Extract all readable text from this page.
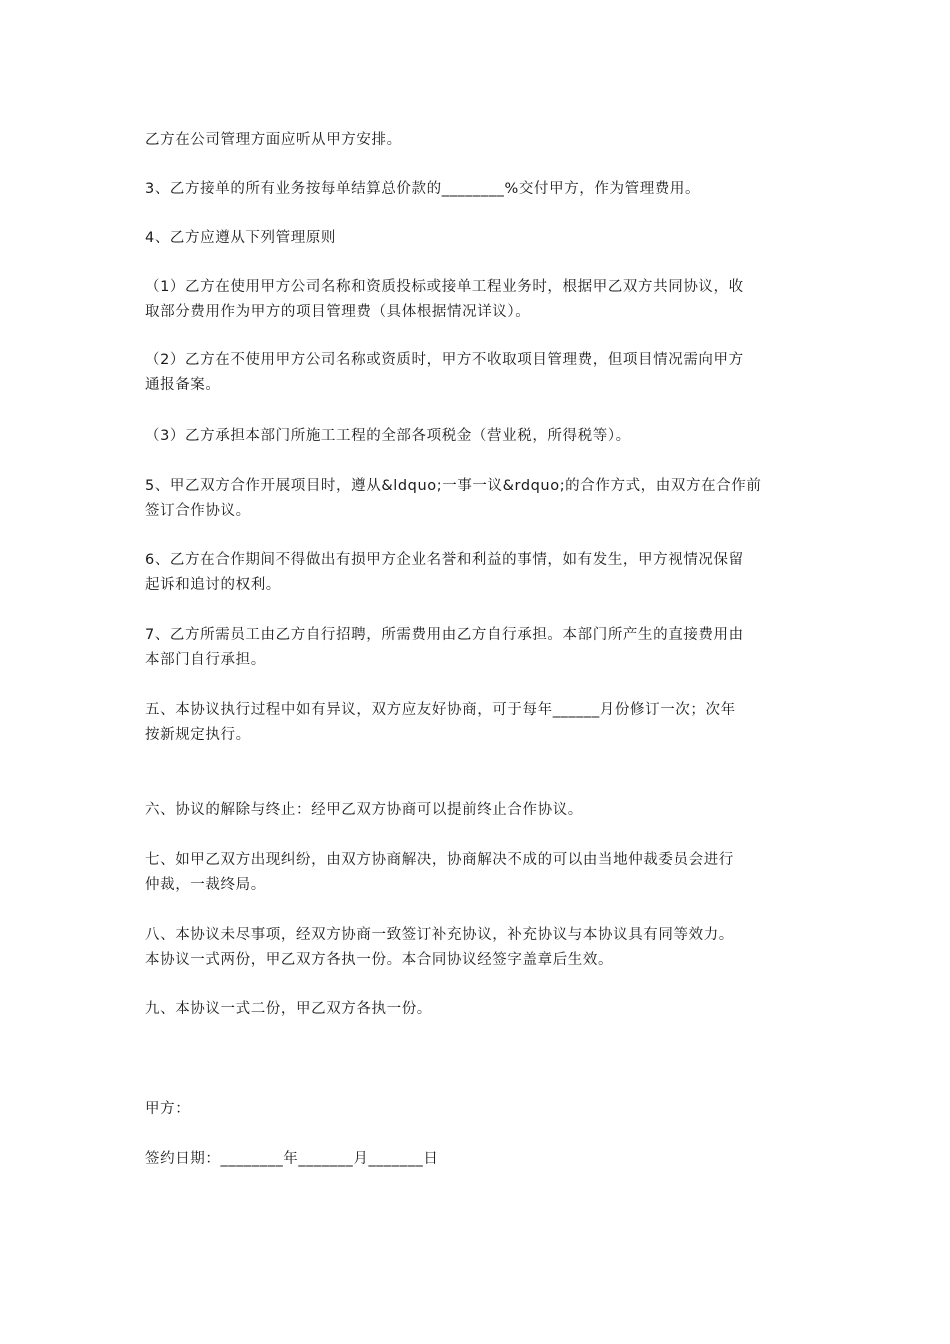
乙方在公司管理方面应听从甲方安排。
3、乙方接单的所有业务按每单结算总价款的________%交付甲方，作为管理费用。
4、乙方应遵从下列管理原则
（1）乙方在使用甲方公司名称和资质投标或接单工程业务时，根据甲乙双方共同协议，收
取部分费用作为甲方的项目管理费（具体根据情况详议）。
（2）乙方在不使用甲方公司名称或资质时，甲方不收取项目管理费，但项目情况需向甲方
通报备案。
（3）乙方承担本部门所施工工程的全部各项税金（营业税，所得税等）。
5、甲乙双方合作开展项目时，遵从&ldquo;一事一议&rdquo;的合作方式，由双方在合作前
签订合作协议。
6、乙方在合作期间不得做出有损甲方企业名誉和利益的事情，如有发生，甲方视情况保留
起诉和追讨的权利。
7、乙方所需员工由乙方自行招聘，所需费用由乙方自行承担。本部门所产生的直接费用由
本部门自行承担。
五、本协议执行过程中如有异议，双方应友好协商，可于每年______月份修订一次；次年
按新规定执行。
六、协议的解除与终止：经甲乙双方协商可以提前终止合作协议。
七、如甲乙双方出现纠纷，由双方协商解决，协商解决不成的可以由当地仲裁委员会进行
仲裁，一裁终局。
八、本协议未尽事项，经双方协商一致签订补充协议，补充协议与本协议具有同等效力。
本协议一式两份，甲乙双方各执一份。本合同协议经签字盖章后生效。
九、本协议一式二份，甲乙双方各执一份。
甲方：
签约日期：________年_______月_______日
